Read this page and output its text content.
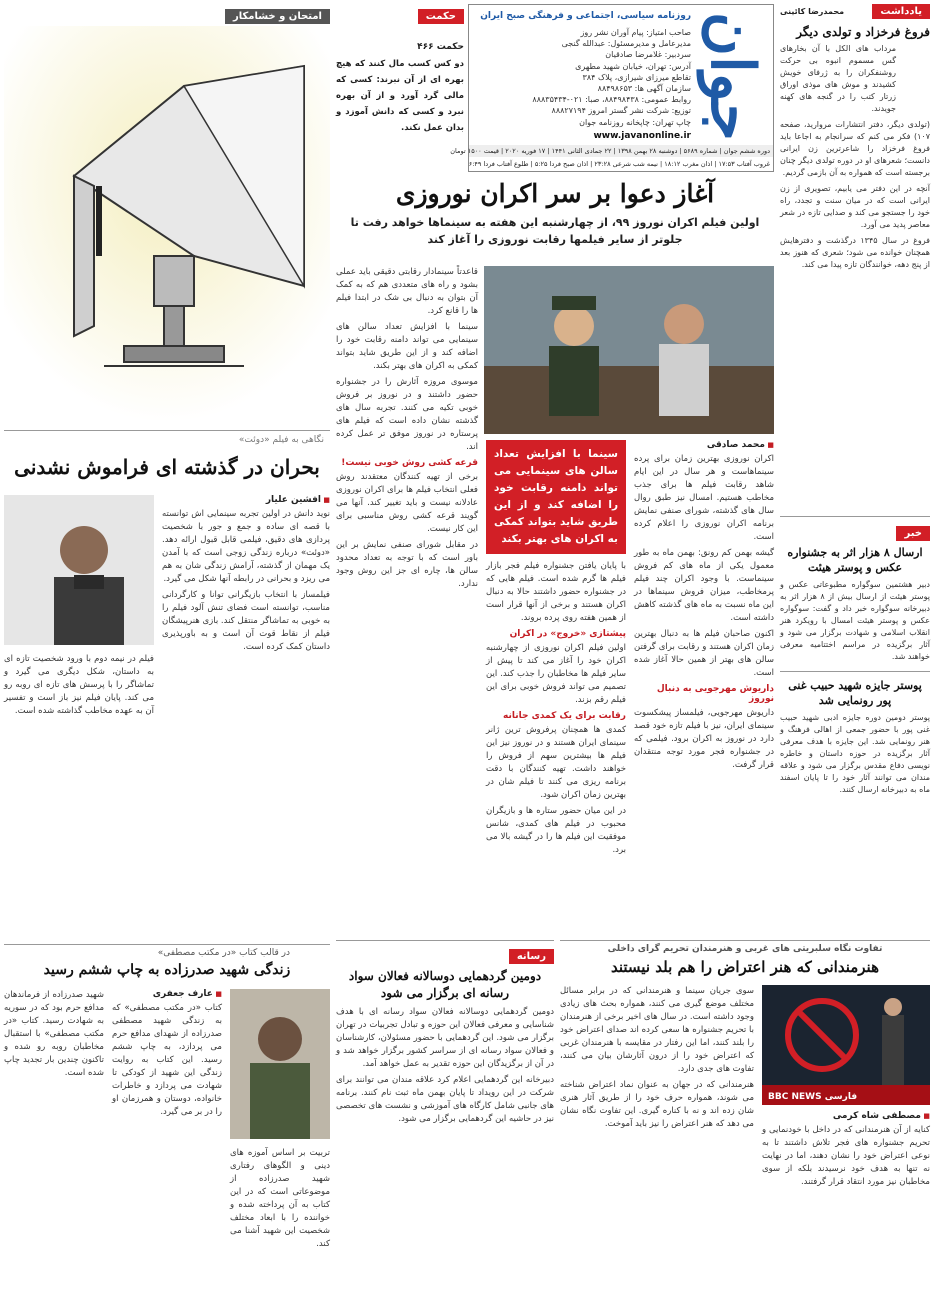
جوان
روزنامه سیاسی، اجتماعی و فرهنگی صبح ایران
صاحب امتیاز: پیام آوران نشر روز
مدیرعامل و مدیرمسئول: عبدالله گنجی
سردبیر: غلامرضا صادقیان
آدرس: تهران، خیابان شهید مطهری
تقاطع میرزای شیرازی، پلاک ۳۸۴
سازمان آگهی ها: ۸۸۴۹۸۶۵۳
روابط عمومی: ۸۸۴۹۸۴۳۸، صبا: ۰۲۱-۸۸۸۳۵۴۳۴
توزیع: شرکت نشر گستر امروز ۸۸۸۲۷۱۹۴
چاپ تهران: چاپخانه روزنامه جوان
www.javanonline.ir
دوره ششم جوان | شماره ۵۶۸۹ | دوشنبه ۲۸ بهمن ۱۳۹۸ | ۲۲ جمادی الثانی ۱۴۴۱ | ۱۷ فوریه ۲۰۲۰ | قیمت ۱۵۰۰ تومان
غروب آفتاب ۱۷:۵۳ | اذان مغرب ۱۸:۱۲ | نیمه شب شرعی ۲۳:۲۸ | اذان صبح فردا ۵:۲۵ | طلوع آفتاب فردا ۶:۴۹
حکمت
حکمت ۴۶۶
دو کس کسب مال کنند که هیچ بهره ای از آن نبرند: کسی که مالی گرد آورد و از آن بهره نبرد و کسی که دانش آموزد و بدان عمل نکند.
امتحان و خشامکار	یادداشت
محمدرضا کائینی
فروغ فرخزاد و تولدی دیگر
مرداب های الکل با آن بخارهای گس مسموم انبوه بی حرکت روشنفکران را به ژرفای خویش کشیدند و موش های موذی اوراق زرتار کتب را در گنجه های کهنه جویدند.
(تولدی دیگر، دفتر انتشارات مروارید، صفحه ۱۰۷) فکر می کنم که سرانجام به اجاعا باید فروغ فرخزاد را شاعرترین زن ایرانی دانست؛ شعرهای او در دوره تولدی دیگر چنان برجسته است که همواره به آن بازمی گردیم.
آنچه در این دفتر می یابیم، تصویری از زن ایرانی است که در میان سنت و تجدد، راه خود را جستجو می کند و صدایی تازه در شعر معاصر پدید می آورد.
فروغ در سال ۱۳۴۵ درگذشت و دفترهایش همچنان خوانده می شود؛ شعری که هنوز بعد از پنج دهه، خوانندگان تازه پیدا می کند.
آغاز دعوا بر سر اکران نوروزی
اولین فیلم اکران نوروز ۹۹، از چهارشنبه این هفته به سینماها خواهد رفت تا جلوتر از سایر فیلمها رقابت نوروزی را آغاز کند
■ محمد صادقی
اکران نوروزی بهترین زمان برای پرده سینماهاست و هر سال در این ایام شاهد رقابت فیلم ها برای جذب مخاطب هستیم. امسال نیز طبق روال سال های گذشته، شورای صنفی نمایش برنامه اکران نوروزی را اعلام کرده است.
گیشه بهمن کم رونق: بهمن ماه به طور معمول یکی از ماه های کم فروش سینماست. با وجود اکران چند فیلم پرمخاطب، میزان فروش سینماها در این ماه نسبت به ماه های گذشته کاهش داشته است.
اکنون صاحبان فیلم ها به دنبال بهترین زمان اکران هستند و رقابت برای گرفتن سالن های بهتر از همین حالا آغاز شده است.
داریوش مهرجویی به دنبال نوروز
داریوش مهرجویی، فیلمساز پیشکسوت سینمای ایران، نیز با فیلم تازه خود قصد دارد در نوروز به اکران برود. فیلمی که در جشنواره فجر مورد توجه منتقدان قرار گرفت.
سینما با افزایش تعداد سالن های سینمایی می تواند دامنه رقابت خود را اضافه کند و از این طریق شاید بتواند کمکی به اکران های بهتر بکند
با پایان یافتن جشنواره فیلم فجر بازار فیلم ها گرم شده است. فیلم هایی که در جشنواره حضور داشتند حالا به دنبال اکران هستند و برخی از آنها قرار است از همین هفته روی پرده بروند.
پیشتازی «خروج» در اکران
اولین فیلم اکران نوروزی از چهارشنبه اکران خود را آغاز می کند تا پیش از سایر فیلم ها مخاطبان را جذب کند. این تصمیم می تواند فروش خوبی برای این فیلم رقم بزند.
رقابت برای یک کمدی جانانه
کمدی ها همچنان پرفروش ترین ژانر سینمای ایران هستند و در نوروز نیز این فیلم ها بیشترین سهم از فروش را خواهند داشت. تهیه کنندگان با دقت برنامه ریزی می کنند تا فیلم شان در بهترین زمان اکران شود.
در این میان حضور ستاره ها و بازیگران محبوب در فیلم های کمدی، شانس موفقیت این فیلم ها را در گیشه بالا می برد.
قاعدتاً سینمادار رقابتی دقیقی باید عملی بشود و راه های متعددی هم که به کمک آن بتوان به دنبال بی شک در ابتدا فیلم ها را قانع کرد.
سینما با افزایش تعداد سالن های سینمایی می تواند دامنه رقابت خود را اضافه کند و از این طریق شاید بتواند کمکی به اکران های بهتر بکند.
موسوی مروزه آثارش را در جشنواره حضور داشتند و در نوروز بر فروش خوبی تکیه می کنند. تجربه سال های گذشته نشان داده است که فیلم های پرستاره در نوروز موفق تر عمل کرده اند.
قرعه کشی روش خوبی نیست!
برخی از تهیه کنندگان معتقدند روش فعلی انتخاب فیلم ها برای اکران نوروزی عادلانه نیست و باید تغییر کند. آنها می گویند قرعه کشی روش مناسبی برای این کار نیست.
در مقابل شورای صنفی نمایش بر این باور است که با توجه به تعداد محدود سالن ها، چاره ای جز این روش وجود ندارد.
خبر
ارسال ۸ هزار اثر به جشنواره عکس و پوستر هیئت
دبیر هشتمین سوگواره مطبوعاتی عکس و پوستر هیئت از ارسال بیش از ۸ هزار اثر به دبیرخانه سوگواره خبر داد و گفت: سوگواره عکس و پوستر هیئت امسال با رویکرد هنر انقلاب اسلامی و شهادت برگزار می شود و آثار برگزیده در مراسم اختتامیه معرفی خواهند شد.
پوستر جایزه شهید حبیب غنی پور رونمایی شد
پوستر دومین دوره جایزه ادبی شهید حبیب غنی پور با حضور جمعی از اهالی فرهنگ و هنر رونمایی شد. این جایزه با هدف معرفی آثار برگزیده در حوزه داستان و خاطره نویسی دفاع مقدس برگزار می شود و علاقه مندان می توانند آثار خود را تا پایان اسفند ماه به دبیرخانه ارسال کنند.
نگاهی به فیلم «دوئت»
بحران در گذشته ای فراموش نشدنی
■ افشین علیار
نوید دانش در اولین تجربه سینمایی اش توانسته با قصه ای ساده و جمع و جور با شخصیت پردازی های دقیق، فیلمی قابل قبول ارائه دهد. «دوئت» درباره زندگی زوجی است که با آمدن یک مهمان از گذشته، آرامش زندگی شان به هم می ریزد و بحرانی در رابطه آنها شکل می گیرد.
فیلمساز با انتخاب بازیگرانی توانا و کارگردانی مناسب، توانسته است فضای تنش آلود فیلم را به خوبی به تماشاگر منتقل کند. بازی هنرپیشگان فیلم از نقاط قوت آن است و به باورپذیری داستان کمک کرده است.
فیلم در نیمه دوم با ورود شخصیت تازه ای به داستان، شکل دیگری می گیرد و تماشاگر را با پرسش های تازه ای روبه رو می کند. پایان فیلم نیز باز است و تفسیر آن به عهده مخاطب گذاشته شده است.
تفاوت نگاه سلبریتی های غربی و هنرمندان تحریم گرای داخلی
هنرمندانی که هنر اعتراض را هم بلد نیستند
BBC NEWS فارسی
■ مصطفی شاه کرمی
کنایه از آن هنرمندانی که در داخل با خودنمایی و تحریم جشنواره های فجر تلاش داشتند تا به نوعی اعتراض خود را نشان دهند، اما در نهایت نه تنها به هدف خود نرسیدند بلکه از سوی مخاطبان نیز مورد انتقاد قرار گرفتند.
سوی جریان سینما و هنرمندانی که در برابر مسائل مختلف موضع گیری می کنند، همواره بحث های زیادی وجود داشته است. در سال های اخیر برخی از هنرمندان با تحریم جشنواره ها سعی کرده اند صدای اعتراض خود را بلند کنند، اما این رفتار در مقایسه با هنرمندان غربی که اعتراض خود را از درون آثارشان بیان می کنند، تفاوت های جدی دارد.
هنرمندانی که در جهان به عنوان نماد اعتراض شناخته می شوند، همواره حرف خود را از طریق آثار هنری شان زده اند و نه با کناره گیری. این تفاوت نگاه نشان می دهد که هنر اعتراض را نیز باید آموخت.
رسانه
دومین گردهمایی دوسالانه فعالان سواد رسانه ای برگزار می شود
دومین گردهمایی دوسالانه فعالان سواد رسانه ای با هدف شناسایی و معرفی فعالان این حوزه و تبادل تجربیات در تهران برگزار می شود. این گردهمایی با حضور مسئولان، کارشناسان و فعالان سواد رسانه ای از سراسر کشور برگزار خواهد شد و در آن از برگزیدگان این حوزه تقدیر به عمل خواهد آمد.
دبیرخانه این گردهمایی اعلام کرد علاقه مندان می توانند برای شرکت در این رویداد تا پایان بهمن ماه ثبت نام کنند. برنامه های جانبی شامل کارگاه های آموزشی و نشست های تخصصی نیز در حاشیه این گردهمایی برگزار می شود.
در قالب کتاب «در مکتب مصطفی»
زندگی شهید صدرزاده به چاپ ششم رسید
■ عارف جعفری
کتاب «در مکتب مصطفی» که به زندگی شهید مصطفی صدرزاده از شهدای مدافع حرم می پردازد، به چاپ ششم رسید. این کتاب به روایت زندگی این شهید از کودکی تا شهادت می پردازد و خاطرات خانواده، دوستان و همرزمان او را در بر می گیرد.
شهید صدرزاده از فرماندهان مدافع حرم بود که در سوریه به شهادت رسید. کتاب «در مکتب مصطفی» با استقبال مخاطبان روبه رو شده و تاکنون چندین بار تجدید چاپ شده است.
تربیت بر اساس آموزه های دینی و الگوهای رفتاری شهید صدرزاده از موضوعاتی است که در این کتاب به آن پرداخته شده و خواننده را با ابعاد مختلف شخصیت این شهید آشنا می کند.
